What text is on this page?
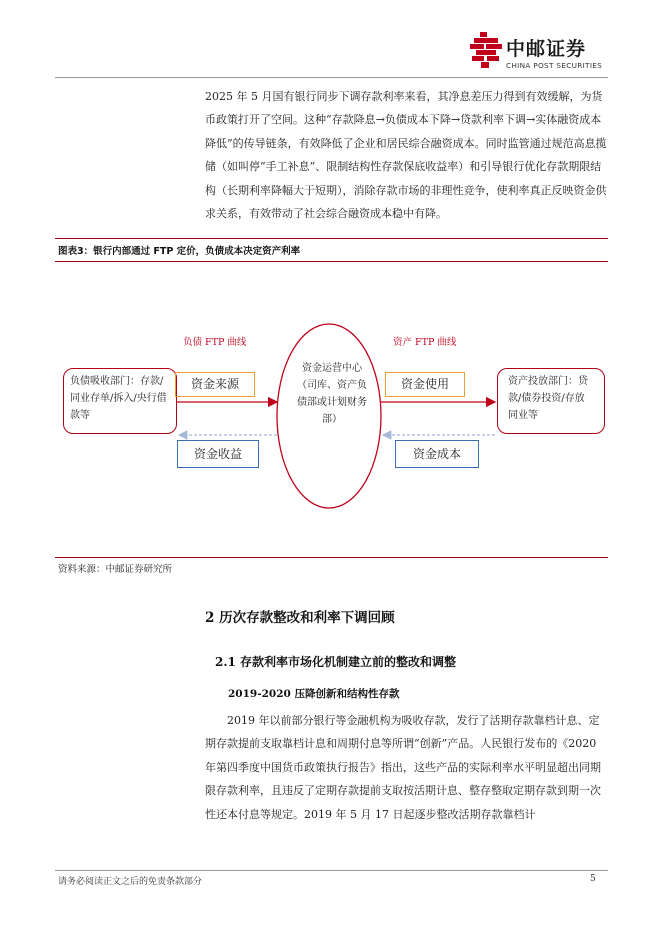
中邮证券
CHINA POST SECURITIES

2025 年 5 月国有银行同步下调存款利率来看，其净息差压力得到有效缓解，为货币政策打开了空间。这种“存款降息→负债成本下降→贷款利率下调→实体融资成本降低”的传导链条，有效降低了企业和居民综合融资成本。同时监管通过规范高息揽储（如叫停“手工补息”、限制结构性存款保底收益率）和引导银行优化存款期限结构（长期利率降幅大于短期），消除存款市场的非理性竞争，使利率真正反映资金供求关系，有效带动了社会综合融资成本稳中有降。

图表3：银行内部通过 FTP 定价，负债成本决定资产利率
负债 FTP 曲线	资产 FTP 曲线
负债吸收部门：存款/同业存单/拆入/央行借款等
资金来源
资金收益
资金运营中心（司库、资产负债部或计划财务部）
资金使用
资金成本
资产投放部门：贷款/债券投资/存放同业等
资料来源：中邮证券研究所
2 历次存款整改和利率下调回顾
2.1 存款利率市场化机制建立前的整改和调整
2019-2020 压降创新和结构性存款

2019 年以前部分银行等金融机构为吸收存款，发行了活期存款靠档计息、定期存款提前支取靠档计息和周期付息等所谓“创新”产品。人民银行发布的《2020 年第四季度中国货币政策执行报告》指出，这些产品的实际利率水平明显超出同期限存款利率，且违反了定期存款提前支取按活期计息、整存整取定期存款到期一次性还本付息等规定。2019 年 5 月 17 日起逐步整改活期存款靠档计

请务必阅读正文之后的免责条款部分	5
